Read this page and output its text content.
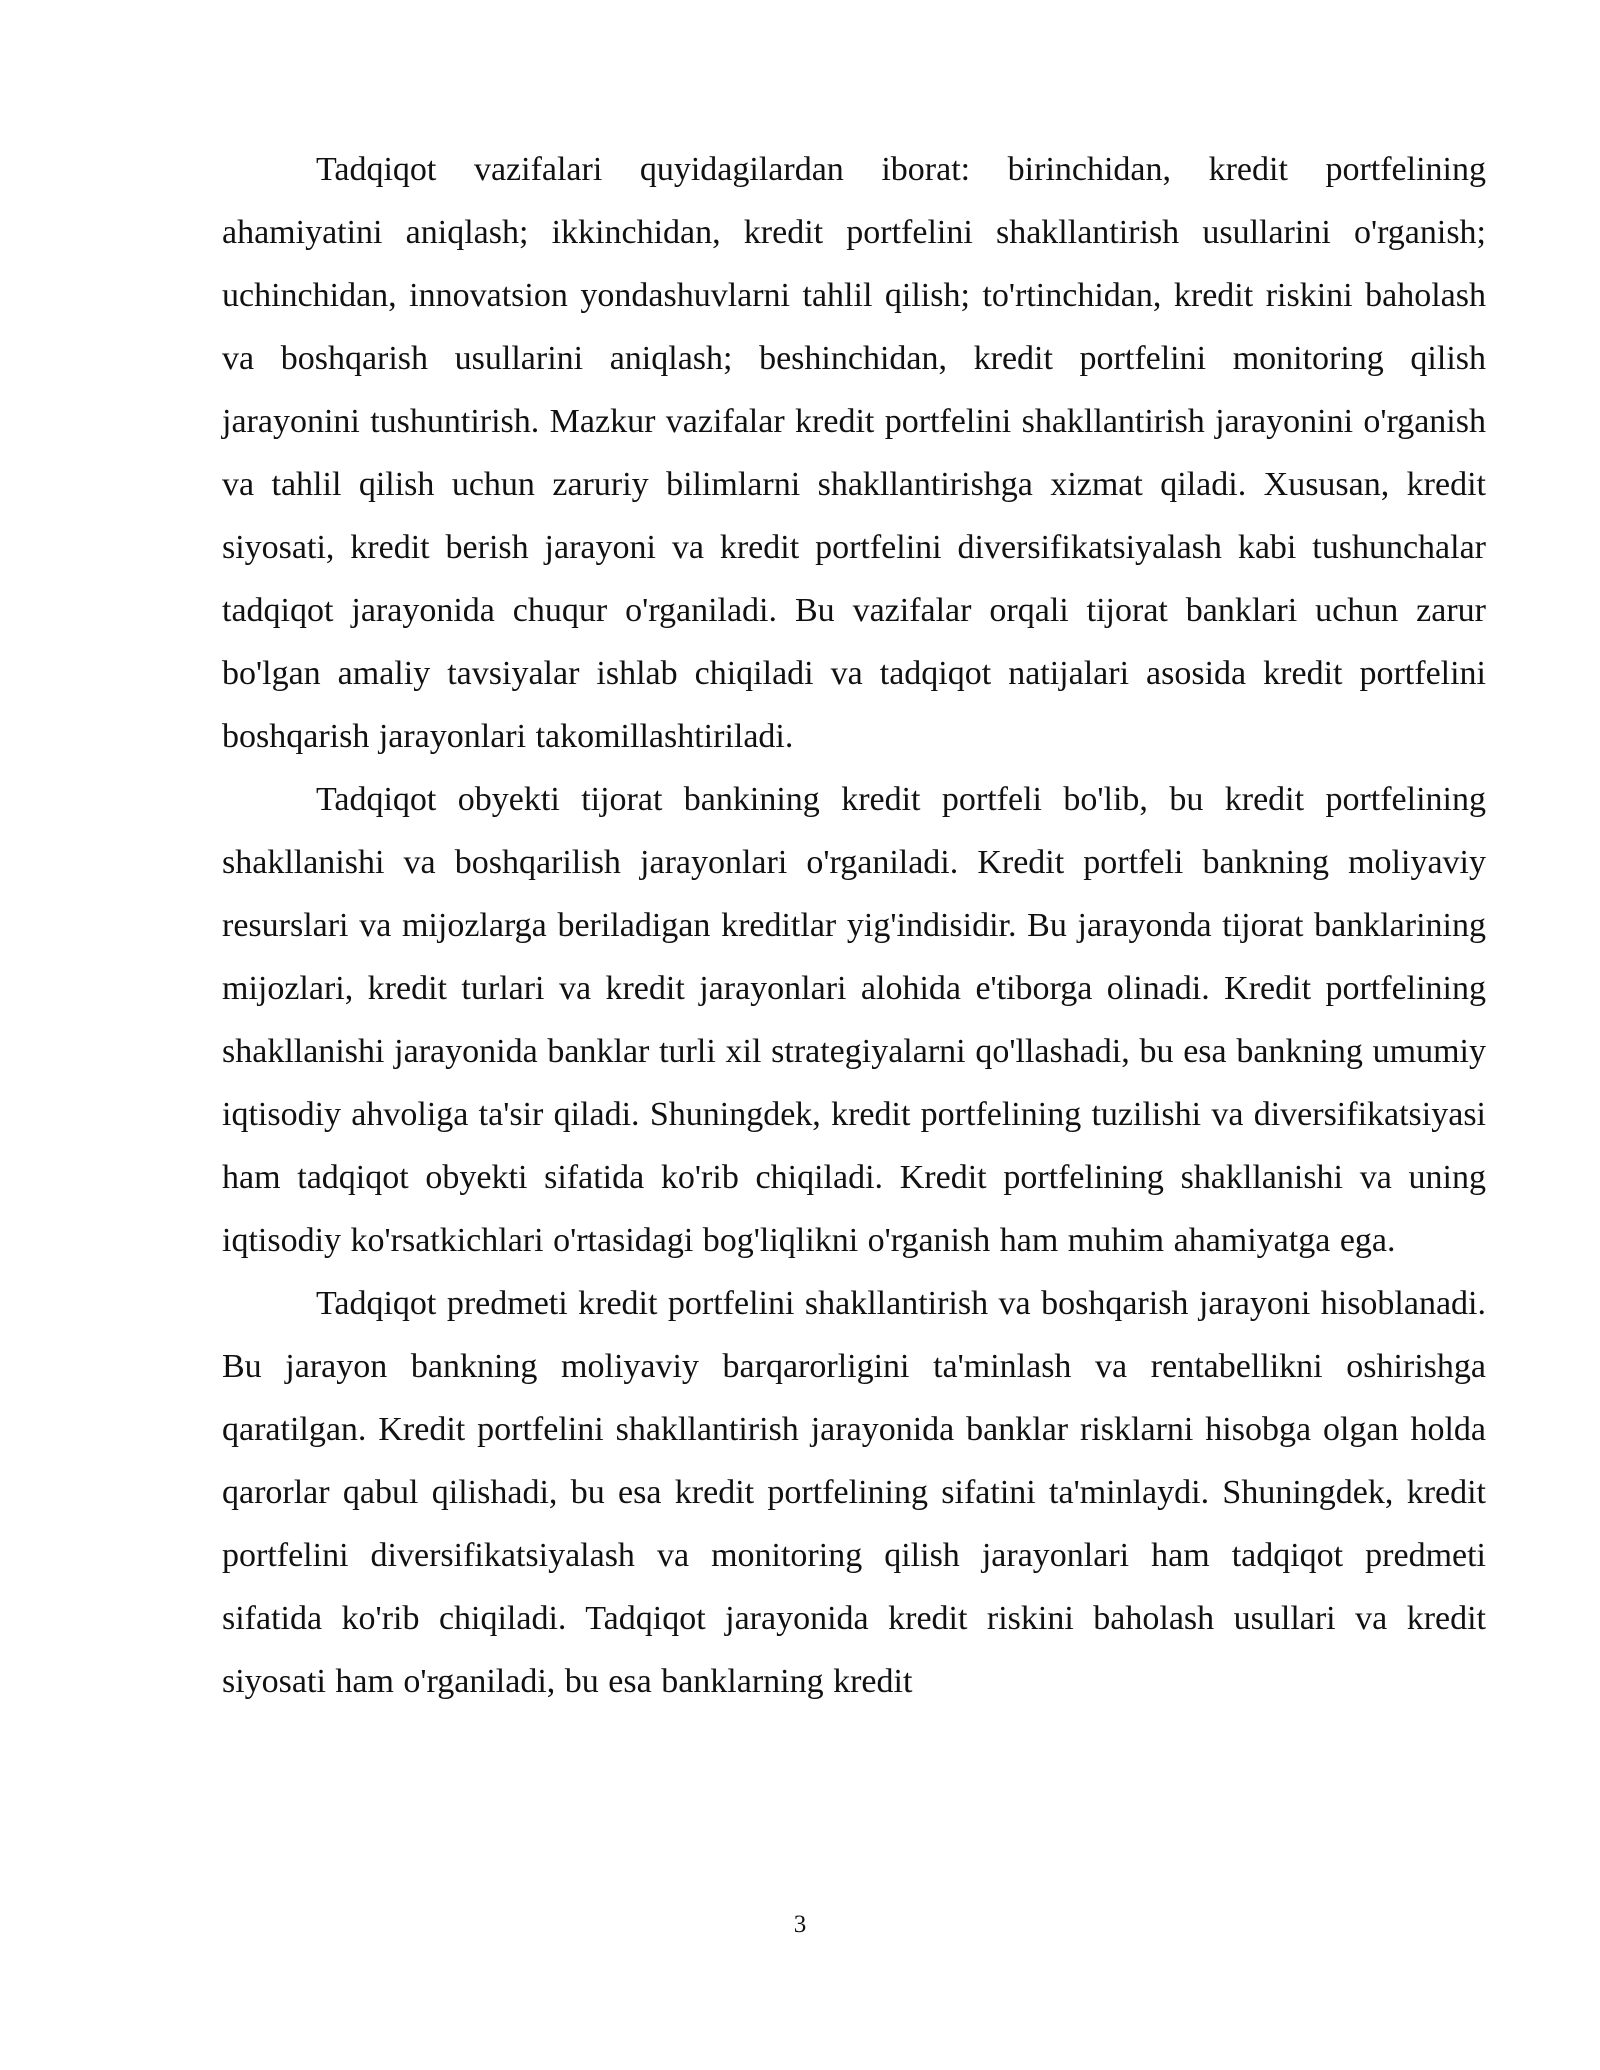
Tadqiqot vazifalari quyidagilardan iborat: birinchidan, kredit portfelining ahamiyatini aniqlash; ikkinchidan, kredit portfelini shakllantirish usullarini o'rganish; uchinchidan, innovatsion yondashuvlarni tahlil qilish; to'rtinchidan, kredit riskini baholash va boshqarish usullarini aniqlash; beshinchidan, kredit portfelini monitoring qilish jarayonini tushuntirish. Mazkur vazifalar kredit portfelini shakllantirish jarayonini o'rganish va tahlil qilish uchun zaruriy bilimlarni shakllantirishga xizmat qiladi. Xususan, kredit siyosati, kredit berish jarayoni va kredit portfelini diversifikatsiyalash kabi tushunchalar tadqiqot jarayonida chuqur o'rganiladi. Bu vazifalar orqali tijorat banklari uchun zarur bo'lgan amaliy tavsiyalar ishlab chiqiladi va tadqiqot natijalari asosida kredit portfelini boshqarish jarayonlari takomillashtiriladi.

Tadqiqot obyekti tijorat bankining kredit portfeli bo'lib, bu kredit portfelining shakllanishi va boshqarilish jarayonlari o'rganiladi. Kredit portfeli bankning moliyaviy resurslari va mijozlarga beriladigan kreditlar yig'indisidir. Bu jarayonda tijorat banklarining mijozlari, kredit turlari va kredit jarayonlari alohida e'tiborga olinadi. Kredit portfelining shakllanishi jarayonida banklar turli xil strategiyalarni qo'llashadi, bu esa bankning umumiy iqtisodiy ahvoliga ta'sir qiladi. Shuningdek, kredit portfelining tuzilishi va diversifikatsiyasi ham tadqiqot obyekti sifatida ko'rib chiqiladi. Kredit portfelining shakllanishi va uning iqtisodiy ko'rsatkichlari o'rtasidagi bog'liqlikni o'rganish ham muhim ahamiyatga ega.

Tadqiqot predmeti kredit portfelini shakllantirish va boshqarish jarayoni hisoblanadi. Bu jarayon bankning moliyaviy barqarorligini ta'minlash va rentabellikni oshirishga qaratilgan. Kredit portfelini shakllantirish jarayonida banklar risklarni hisobga olgan holda qarorlar qabul qilishadi, bu esa kredit portfelining sifatini ta'minlaydi. Shuningdek, kredit portfelini diversifikatsiyalash va monitoring qilish jarayonlari ham tadqiqot predmeti sifatida ko'rib chiqiladi. Tadqiqot jarayonida kredit riskini baholash usullari va kredit siyosati ham o'rganiladi, bu esa banklarning kredit

3
